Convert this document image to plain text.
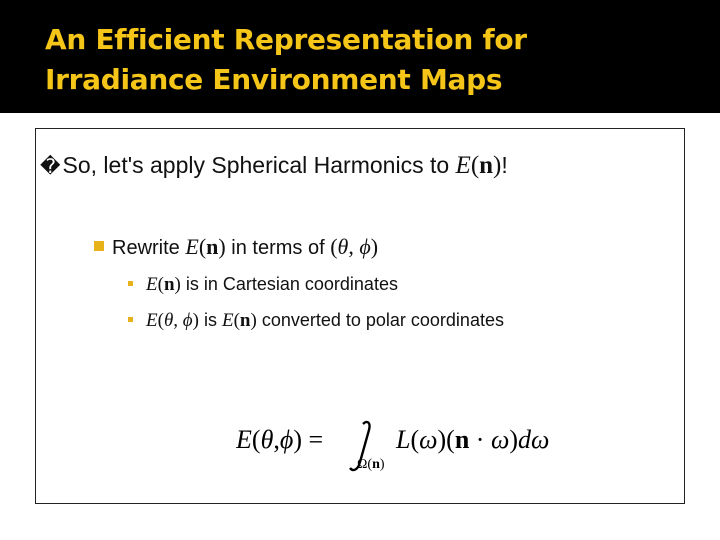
An Efficient Representation for
Irradiance Environment Maps
�So, let's apply Spherical Harmonics to E(n)!
Rewrite E(n) in terms of (θ, ϕ)
E(n) is in Cartesian coordinates
E(θ, ϕ) is E(n) converted to polar coordinates
E(θ,ϕ) =
Ω(n)
L(ω)(n · ω)dω
